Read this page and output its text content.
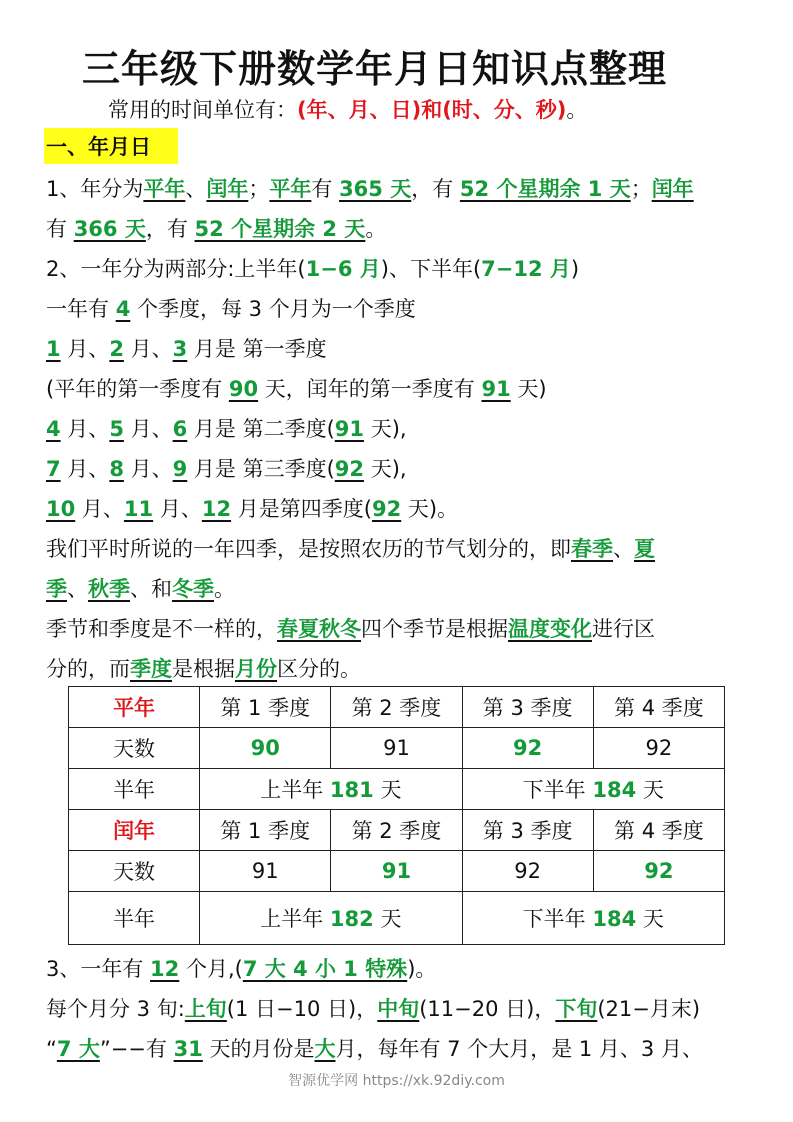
三年级下册数学年月日知识点整理
常用的时间单位有：(年、月、日)和(时、分、秒)。
一、年月日
1、年分为平年、闰年；平年有 365 天，有 52 个星期余 1 天；闰年
有 366 天，有 52 个星期余 2 天。
2、一年分为两部分:上半年(1−6 月)、下半年(7−12 月)
一年有 4 个季度，每 3 个月为一个季度
1 月、2 月、3 月是 第一季度
(平年的第一季度有 90 天，闰年的第一季度有 91 天)
4 月、5 月、6 月是 第二季度(91 天),
7 月、8 月、9 月是 第三季度(92 天),
10 月、11 月、12 月是第四季度(92 天)。
我们平时所说的一年四季，是按照农历的节气划分的，即春季、夏
季、秋季、和冬季。
季节和季度是不一样的，春夏秋冬四个季节是根据温度变化进行区
分的，而季度是根据月份区分的。
平年	第 1 季度	第 2 季度	第 3 季度	第 4 季度
天数	90	91	92	92
半年	上半年 181 天		下半年 184 天	
闰年	第 1 季度	第 2 季度	第 3 季度	第 4 季度
天数	91	91	92	92
半年	上半年 182 天		下半年 184 天	
3、一年有 12 个月,(7 大 4 小 1 特殊)。
每个月分 3 旬:上旬(1 日−10 日)，中旬(11−20 日)，下旬(21−月末)
“7 大”−−有 31 天的月份是大月，每年有 7 个大月，是 1 月、3 月、
智源优学网 https://xk.92diy.com
